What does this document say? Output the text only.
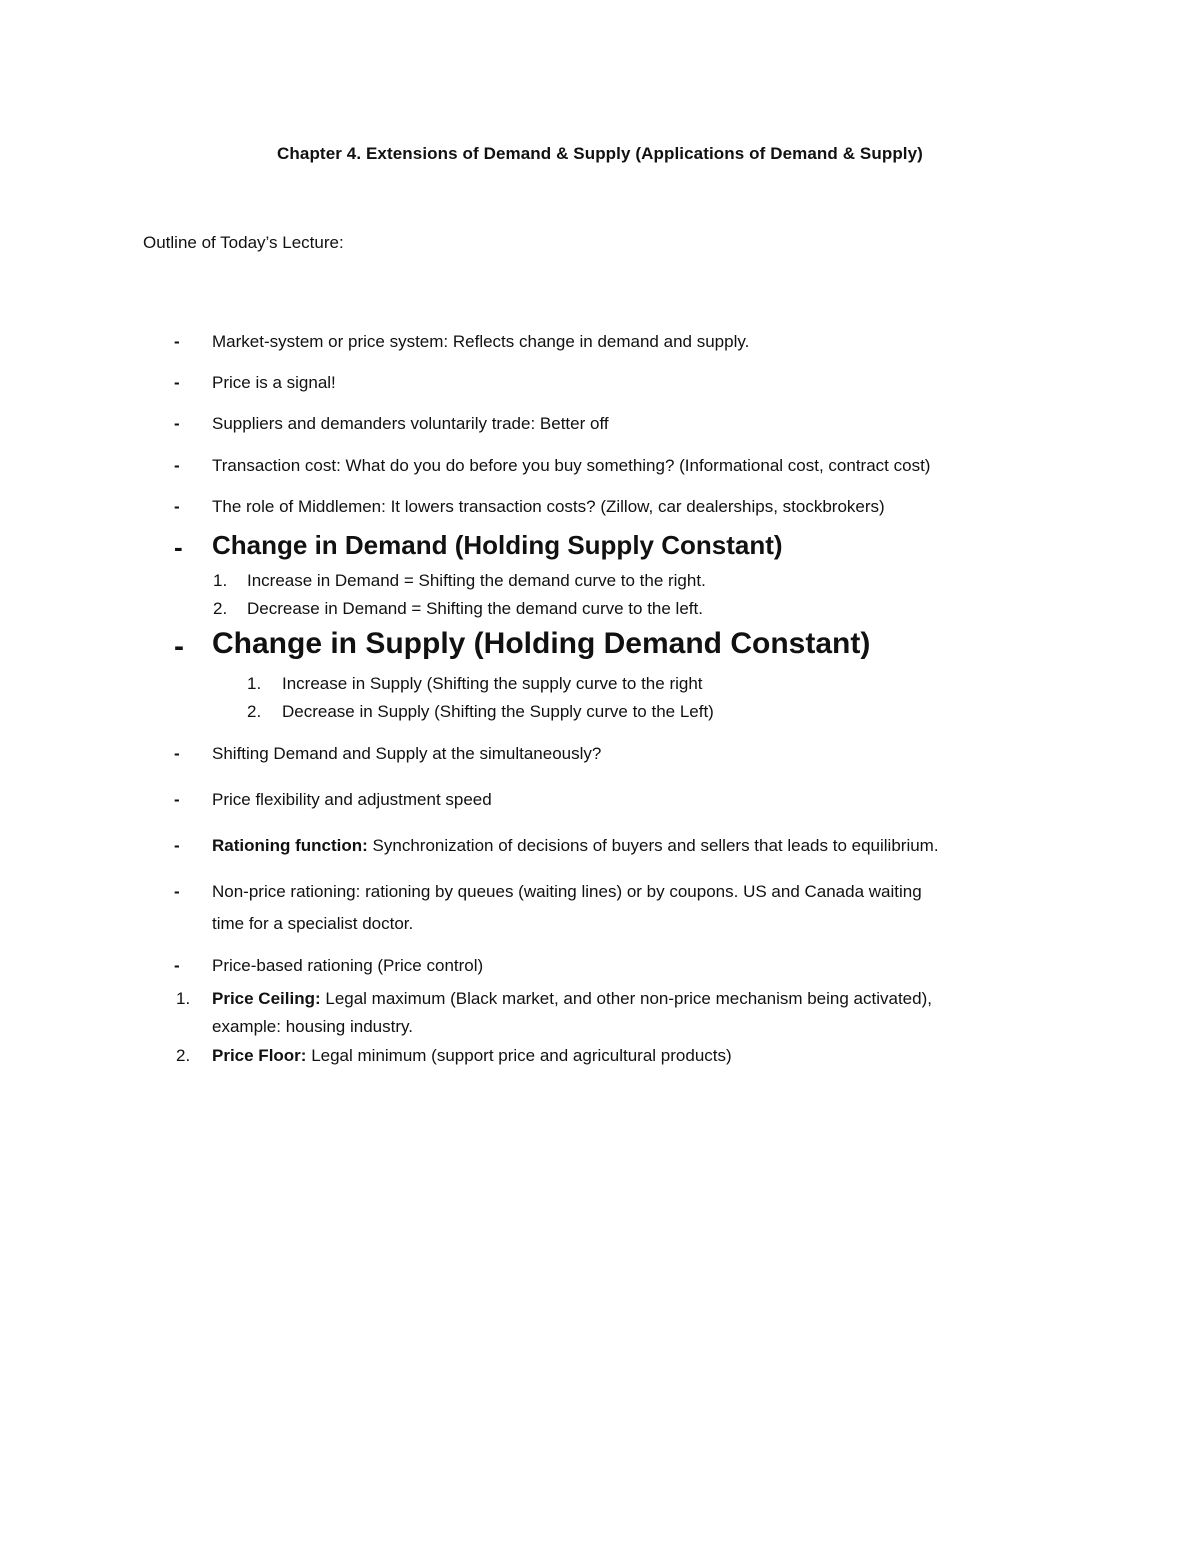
Chapter 4. Extensions of Demand & Supply (Applications of Demand & Supply)
Outline of Today’s Lecture:
- Market-system or price system: Reflects change in demand and supply.
- Price is a signal!
- Suppliers and demanders voluntarily trade: Better off
- Transaction cost: What do you do before you buy something? (Informational cost, contract cost)
- The role of Middlemen: It lowers transaction costs? (Zillow, car dealerships, stockbrokers)
- Change in Demand (Holding Supply Constant)
1. Increase in Demand = Shifting the demand curve to the right.
2. Decrease in Demand = Shifting the demand curve to the left.
- Change in Supply (Holding Demand Constant)
1. Increase in Supply (Shifting the supply curve to the right
2. Decrease in Supply (Shifting the Supply curve to the Left)
- Shifting Demand and Supply at the simultaneously?
- Price flexibility and adjustment speed
- Rationing function: Synchronization of decisions of buyers and sellers that leads to equilibrium.
- Non-price rationing: rationing by queues (waiting lines) or by coupons. US and Canada waiting
time for a specialist doctor.
- Price-based rationing (Price control)
1. Price Ceiling: Legal maximum (Black market, and other non-price mechanism being activated),
example: housing industry.
2. Price Floor: Legal minimum (support price and agricultural products)
